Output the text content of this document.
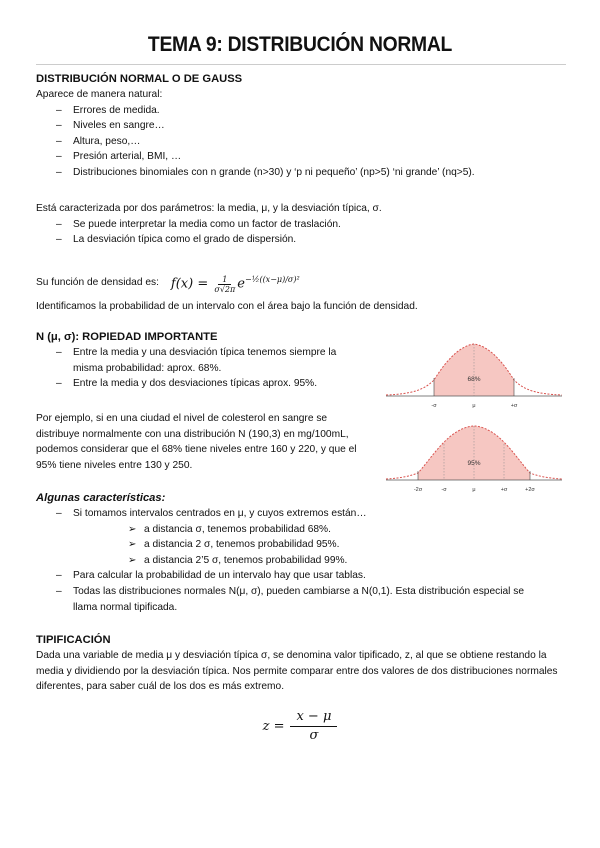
TEMA 9: DISTRIBUCIÓN NORMAL
DISTRIBUCIÓN NORMAL O DE GAUSS

Aparece de manera natural:

– Errores de medida.
– Niveles en sangre…
– Altura, peso,…
– Presión arterial, BMI, …
– Distribuciones binomiales con n grande (n>30) y ‘p ni pequeño’ (np>5) ‘ni grande’ (nq>5).

Está caracterizada por dos parámetros: la media, μ, y la desviación típica, σ.

– Se puede interpretar la media como un factor de traslación.
– La desviación típica como el grado de dispersión.
Su función de densidad es: $f(x) = \frac{1}{\sigma√2\pi} e^{-\frac{1}{2}((x-\mu)/\sigma)^2}$
Identificamos la probabilidad de un intervalo con el área bajo la función de densidad.
N (μ, σ): ROPIEDAD IMPORTANTE
– Entre la media y una desviación típica tenemos siempre la misma probabilidad: aprox. 68%.
– Entre la media y dos desviaciones típicas aprox. 95%.
Por ejemplo, si en una ciudad el nivel de colesterol en sangre se distribuye normalmente con una distribución N (190,3) en mg/100mL, podemos considerar que el 68% tiene niveles entre 160 y 220, y que el 95% tiene niveles entre 130 y 250.
68%
-σ	μ	+σ
95%
-2σ	-σ	μ	+σ	+2σ
Algunas características:
– Si tomamos intervalos centrados en μ, y cuyos extremos están…
➢ a distancia σ, tenemos probabilidad 68%.
➢ a distancia 2 σ, tenemos probabilidad 95%.
➢ a distancia 2’5 σ, tenemos probabilidad 99%.
– Para calcular la probabilidad de un intervalo hay que usar tablas.
– Todas las distribuciones normales N(μ, σ), pueden cambiarse a N(0,1). Esta distribución especial se llama normal tipificada.
TIPIFICACIÓN

Dada una variable de media μ y desviación típica σ, se denomina valor tipificado, z, al que se obtiene restando la media y dividiendo por la desviación típica. Nos permite comparar entre dos valores de dos distribuciones normales diferentes, para saber cuál de los dos es más extremo.

$z = \frac{x - \mu}{\sigma}$
